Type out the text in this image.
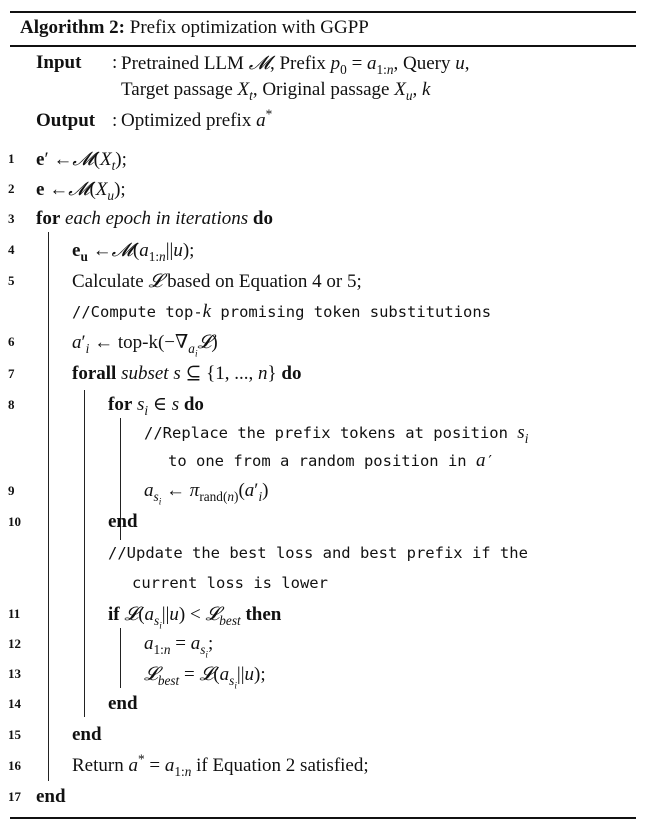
Algorithm 2: Prefix optimization with GGPP
Input : Pretrained LLM 𝓜, Prefix $p_0 = a_{1:n}$, Query u,
Target passage $X_t$, Original passage $X_u$, k
Output : Optimized prefix a*
1	e′ $\leftarrow 𝓜(X_t)$;
2	e $\leftarrow 𝓜(X_u)$;
3	for each epoch in iterations do
4	$e_u$ $\leftarrow 𝓜(a_{1:n}||u)$;
5	Calculate 𝓛 based on Equation 4 or 5;
//Compute top-k promising token substitutions
6	$a'_i$ ← top-$k(-\nabla_{a_i}𝓛)$
7	forall subset s ⊆ {1, ..., n} do
8	for $s_i$ ∈ s do
//Replace the prefix tokens at position $s_i$
to one from a random position in a′
9	$a_{s_i}$ ← $\pi_{rand(n)}(a'_i)$
10	end
//Update the best loss and best prefix if the
current loss is lower
11	if $𝓛(a_{s_i}||u)$ < 𝓛$_{best}$ then
12	$a_{1:n} = a_{s_i}$;
13	𝓛$_{best}$ = $𝓛(a_{s_i}||u)$;
14	end
15	end
16	Return $a^* = a_{1:n}$ if Equation 2 satisfied;
17 end
